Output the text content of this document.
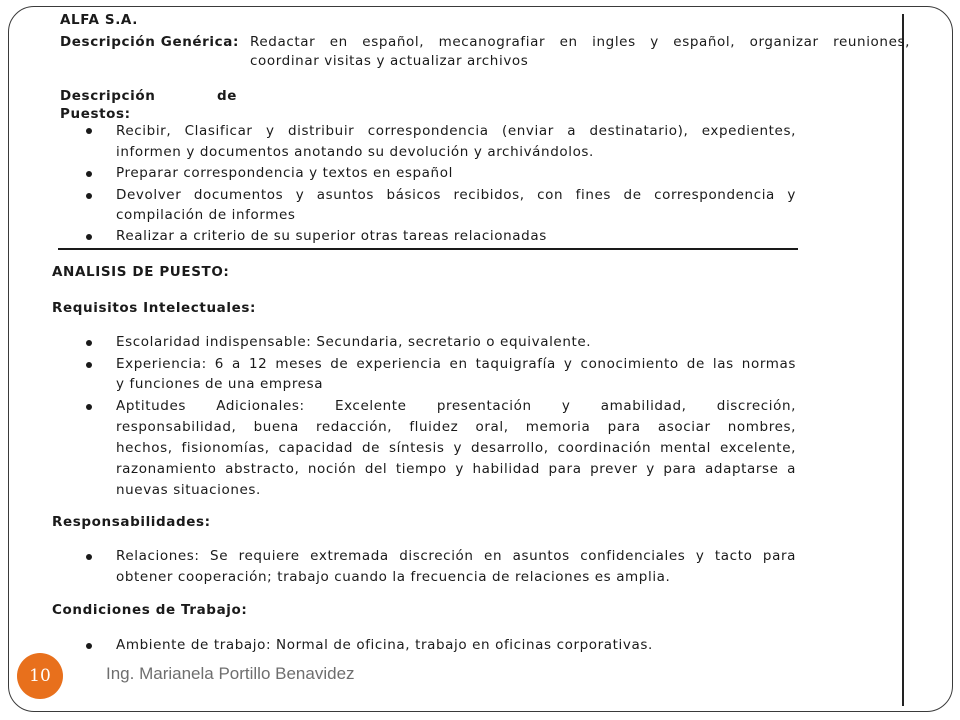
ALFA S.A.
Descripción Genérica: Redactar en español, mecanografiar en ingles y español, organizar reuniones,
coordinar visitas y actualizar archivos
Descripción	de
Puestos:
Recibir, Clasificar y distribuir correspondencia (enviar a destinatario), expedientes,
informen y documentos anotando su devolución y archivándolos.
Preparar correspondencia y textos en español
Devolver documentos y asuntos básicos recibidos, con fines de correspondencia y
compilación de informes
Realizar a criterio de su superior otras tareas relacionadas
ANALISIS DE PUESTO:
Requisitos Intelectuales:
Escolaridad indispensable: Secundaria, secretario o equivalente.
Experiencia: 6 a 12 meses de experiencia en taquigrafía y conocimiento de las normas
y funciones de una empresa
Aptitudes Adicionales: Excelente presentación y amabilidad, discreción,
responsabilidad, buena redacción, fluidez oral, memoria para asociar nombres,
hechos, fisionomías, capacidad de síntesis y desarrollo, coordinación mental excelente,
razonamiento abstracto, noción del tiempo y habilidad para prever y para adaptarse a
nuevas situaciones.
Responsabilidades:
Relaciones: Se requiere extremada discreción en asuntos confidenciales y tacto para
obtener cooperación; trabajo cuando la frecuencia de relaciones es amplia.
Condiciones de Trabajo:
Ambiente de trabajo: Normal de oficina, trabajo en oficinas corporativas.
10	Ing. Marianela Portillo Benavidez
